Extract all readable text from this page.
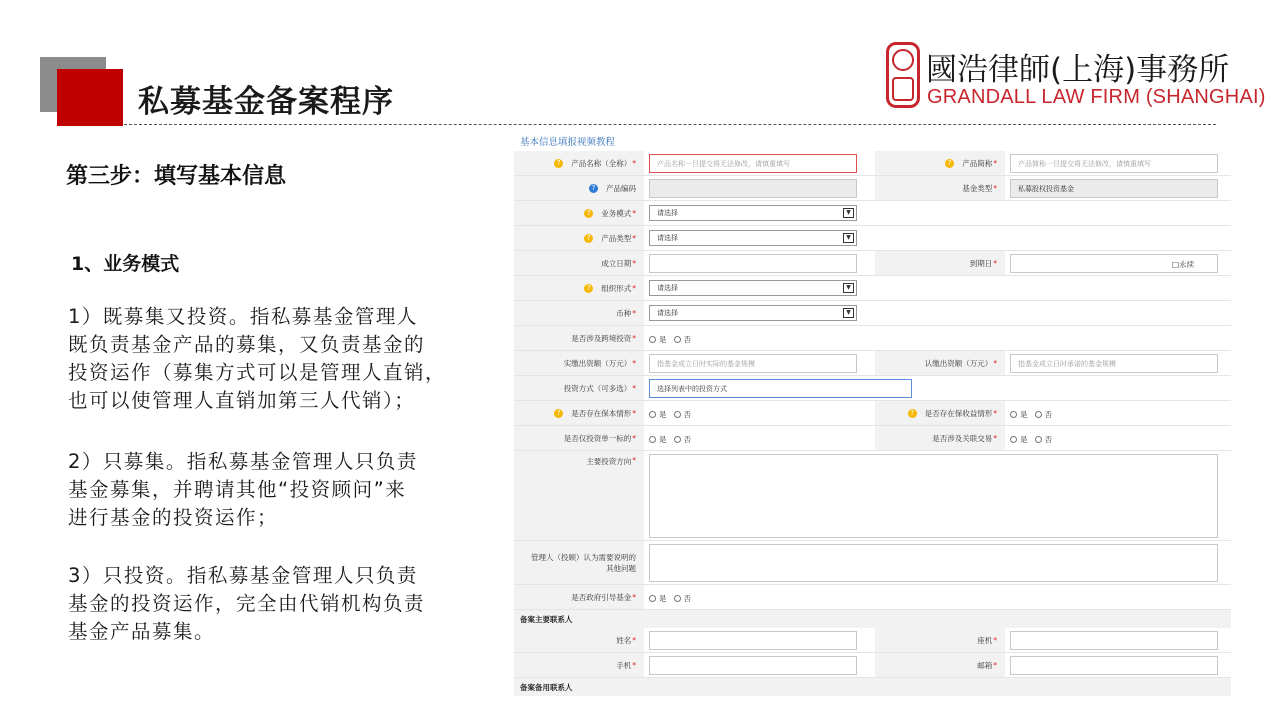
私募基金备案程序
國浩律師(上海)事務所
GRANDALL LAW FIRM (SHANGHAI)
第三步：填写基本信息
1、业务模式
1）既募集又投资。指私募基金管理人
既负责基金产品的募集，又负责基金的
投资运作（募集方式可以是管理人直销，
也可以使管理人直销加第三人代销）；
2）只募集。指私募基金管理人只负责
基金募集，并聘请其他“投资顾问”来
进行基金的投资运作；
3）只投资。指私募基金管理人只负责
基金的投资运作，完全由代销机构负责
基金产品募集。
基本信息填报视频教程
?	产品名称（全称） *	产品名称一旦提交将无法修改，请慎重填写	?	产品简称 *	产品简称一旦提交将无法修改，请慎重填写
?	产品编码	基金类型 *	私募股权投资基金
?	业务模式 *	请选择	▼
?	产品类型 *	请选择	▼
成立日期 *	到期日 *	□永续
?	组织形式 *	请选择	▼
币种 *	请选择	▼
是否涉及跨境投资 *	是 否
实缴出资额（万元） *	指基金成立日时实际的基金规模	认缴出资额（万元） *	指基金成立日时承诺的基金规模
投资方式（可多选） *	选择列表中的投资方式
?	是否存在保本情形 *	是 否	?	是否存在保收益情形 *	是 否
是否仅投资单一标的 *	是 否	是否涉及关联交易 *	是 否
主要投资方向 *
管理人（投顾）认为需要说明的
其他问题
是否政府引导基金 *	是 否
备案主要联系人
姓名 *	座机 *
手机 *	邮箱 *
备案备用联系人
